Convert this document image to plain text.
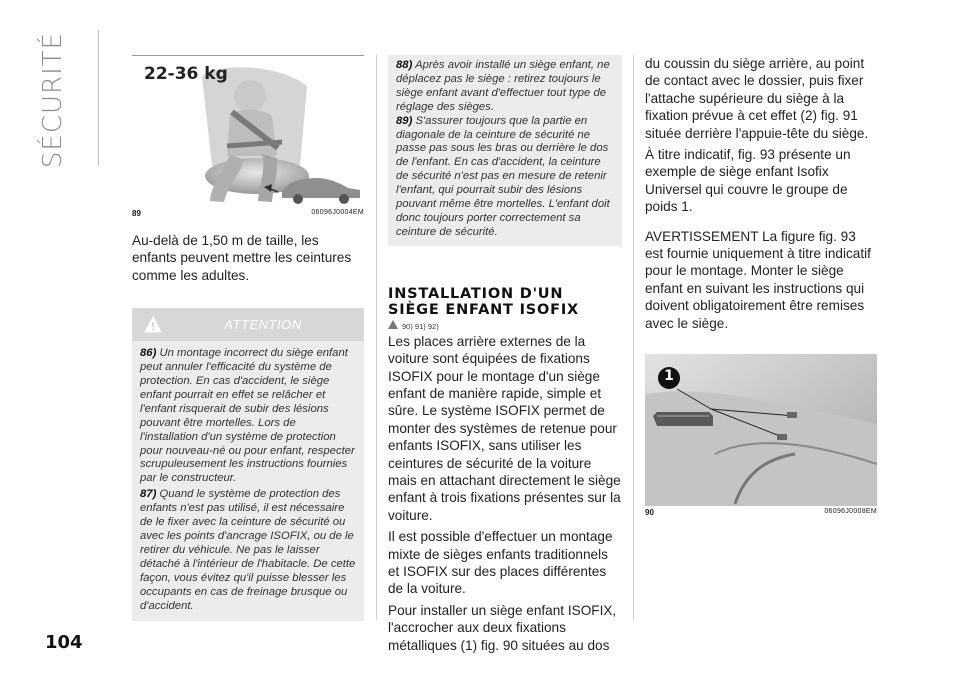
SÉCURITÉ
104
22-36 kg
89	06096J0004EM

Au-delà de 1,50 m de taille, les enfants peuvent mettre les ceintures comme les adultes.

ATTENTION

86) Un montage incorrect du siège enfant peut annuler l'efficacité du système de protection. En cas d'accident, le siège enfant pourrait en effet se relâcher et l'enfant risquerait de subir des lésions pouvant être mortelles. Lors de l'installation d'un système de protection pour nouveau-né ou pour enfant, respecter scrupuleusement les instructions fournies par le constructeur.

87) Quand le système de protection des enfants n'est pas utilisé, il est nécessaire de le fixer avec la ceinture de sécurité ou avec les points d'ancrage ISOFIX, ou de le retirer du véhicule. Ne pas le laisser détaché à l'intérieur de l'habitacle. De cette façon, vous évitez qu'il puisse blesser les occupants en cas de freinage brusque ou d'accident.

88) Après avoir installé un siège enfant, ne déplacez pas le siège : retirez toujours le siège enfant avant d'effectuer tout type de réglage des sièges.

89) S'assurer toujours que la partie en diagonale de la ceinture de sécurité ne passe pas sous les bras ou derrière le dos de l'enfant. En cas d'accident, la ceinture de sécurité n'est pas en mesure de retenir l'enfant, qui pourrait subir des lésions pouvant même être mortelles. L'enfant doit donc toujours porter correctement sa ceinture de sécurité.

INSTALLATION D'UN
SIÈGE ENFANT ISOFIX
90) 91) 92)

Les places arrière externes de la voiture sont équipées de fixations ISOFIX pour le montage d'un siège enfant de manière rapide, simple et sûre. Le système ISOFIX permet de monter des systèmes de retenue pour enfants ISOFIX, sans utiliser les ceintures de sécurité de la voiture mais en attachant directement le siège enfant à trois fixations présentes sur la voiture.

Il est possible d'effectuer un montage mixte de sièges enfants traditionnels et ISOFIX sur des places différentes de la voiture.

Pour installer un siège enfant ISOFIX, l'accrocher aux deux fixations métalliques (1) fig. 90 situées au dos

du coussin du siège arrière, au point de contact avec le dossier, puis fixer l'attache supérieure du siège à la fixation prévue à cet effet (2) fig. 91 située derrière l'appuie-tête du siège.

À titre indicatif, fig. 93 présente un exemple de siège enfant Isofix Universel qui couvre le groupe de poids 1.

AVERTISSEMENT La figure fig. 93 est fournie uniquement à titre indicatif pour le montage. Monter le siège enfant en suivant les instructions qui doivent obligatoirement être remises avec le siège.

1
90	06096J0008EM
